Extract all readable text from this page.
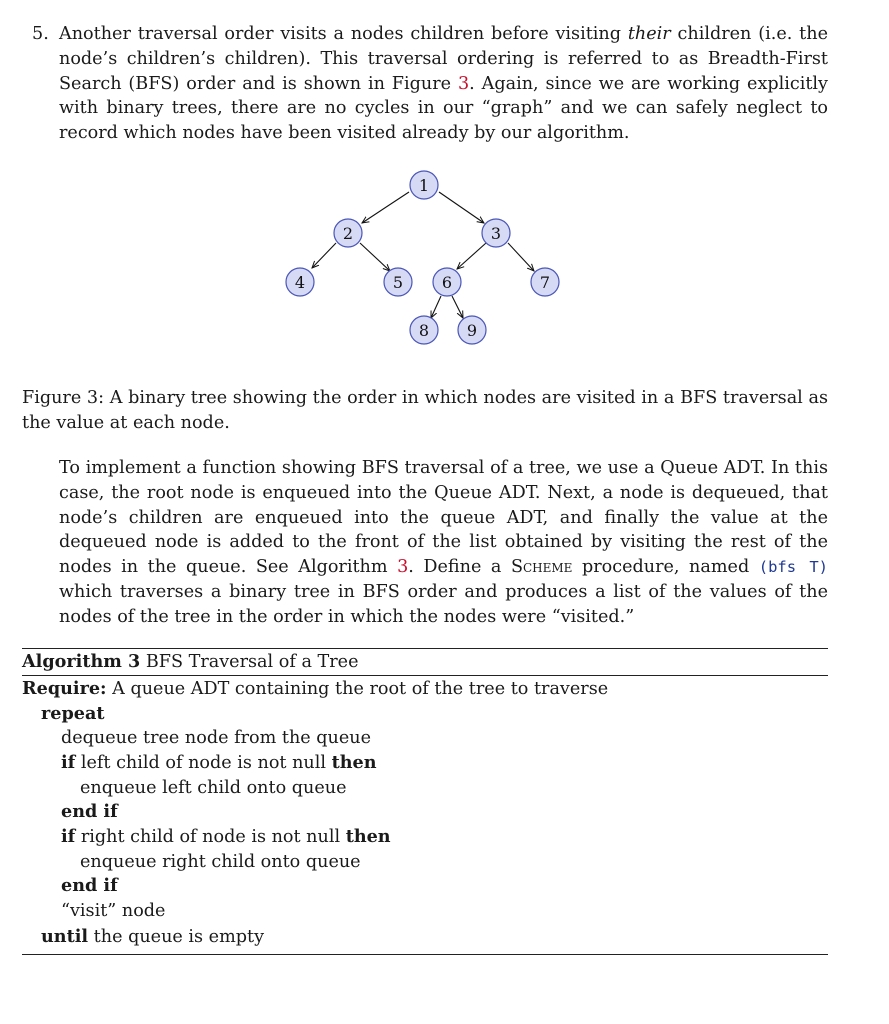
5. Another traversal order visits a nodes children before visiting their children (i.e. the node’s children’s children). This traversal ordering is referred to as Breadth-First Search (BFS) order and is shown in Figure 3. Again, since we are working explicitly with binary trees, there are no cycles in our “graph” and we can safely neglect to record which nodes have been visited already by our algorithm.
1
2	3
4	5 6	7
8 9

Figure 3: A binary tree showing the order in which nodes are visited in a BFS traversal as the value at each node.

To implement a function showing BFS traversal of a tree, we use a Queue ADT. In this case, the root node is enqueued into the Queue ADT. Next, a node is dequeued, that node’s children are enqueued into the queue ADT, and finally the value at the dequeued node is added to the front of the list obtained by visiting the rest of the nodes in the queue. See Algorithm 3. Define a Scheme procedure, named (bfs T) which traverses a binary tree in BFS order and produces a list of the values of the nodes of the tree in the order in which the nodes were “visited.”

Algorithm 3 BFS Traversal of a Tree

Require: A queue ADT containing the root of the tree to traverse

repeat

dequeue tree node from the queue

if left child of node is not null then

enqueue left child onto queue

end if

if right child of node is not null then

enqueue right child onto queue

end if

“visit” node

until the queue is empty
